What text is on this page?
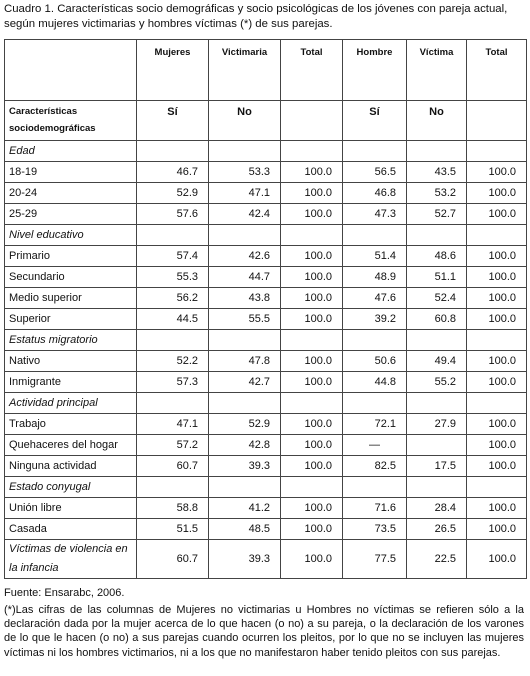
Cuadro 1. Características socio demográficas y socio psicológicas de los jóvenes con pareja actual, según mujeres victimarias y hombres víctimas (*) de sus parejas.
	Mujeres	Victimaria	Total	Hombre	Víctima	Total
Características sociodemográficas	Sí	No		Sí	No	
Edad						
18-19	46.7	53.3	100.0	56.5	43.5	100.0
20-24	52.9	47.1	100.0	46.8	53.2	100.0
25-29	57.6	42.4	100.0	47.3	52.7	100.0
Nivel educativo						
Primario	57.4	42.6	100.0	51.4	48.6	100.0
Secundario	55.3	44.7	100.0	48.9	51.1	100.0
Medio superior	56.2	43.8	100.0	47.6	52.4	100.0
Superior	44.5	55.5	100.0	39.2	60.8	100.0
Estatus migratorio						
Nativo	52.2	47.8	100.0	50.6	49.4	100.0
Inmigrante	57.3	42.7	100.0	44.8	55.2	100.0
Actividad principal						
Trabajo	47.1	52.9	100.0	72.1	27.9	100.0
Quehaceres del hogar	57.2	42.8	100.0	—		100.0
Ninguna actividad	60.7	39.3	100.0	82.5	17.5	100.0
Estado conyugal						
Unión libre	58.8	41.2	100.0	71.6	28.4	100.0
Casada	51.5	48.5	100.0	73.5	26.5	100.0
Víctimas de violencia en la infancia	60.7	39.3	100.0	77.5	22.5	100.0
Fuente: Ensarabc, 2006.
(*)Las cifras de las columnas de Mujeres no victimarias u Hombres no víctimas se refieren sólo a la declaración dada por la mujer acerca de lo que hacen (o no) a su pareja, o la declaración de los varones de lo que le hacen (o no) a sus parejas cuando ocurren los pleitos, por lo que no se incluyen las mujeres víctimas ni los hombres victimarios, ni a los que no manifestaron haber tenido pleitos con sus parejas.
